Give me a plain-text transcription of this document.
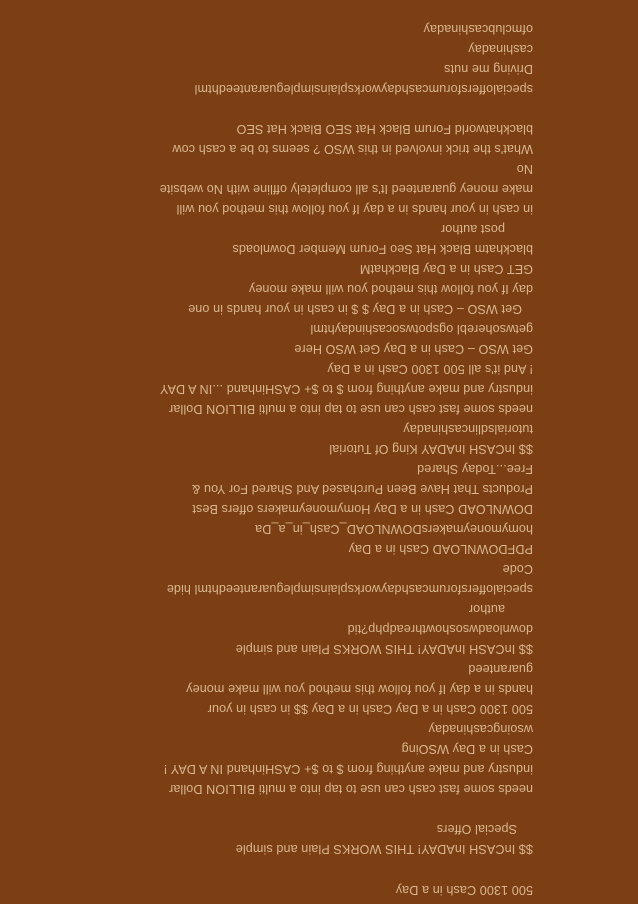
500 1300 Cash in a Day
$$ InCASH InADAY! THIS WORKS Plain and simple
Special Offers
needs some fast cash can use to tap into a multi BILLION Dollar
industry and make anything from $ to $+ CASHinhand IN A DAY !
Cash in a Day WSOing
wsoingcashinaday
500 1300 Cash in a Day Cash in a Day $$ in cash in your
hands in a day If you follow this method you will make money
guaranteed
$$ InCASH InADAY! THIS WORKS Plain and simple
downloadwsoshowthreadphp?tid
author
specialoffersforumcashdayworksplainsimpleguaranteedhtml hide
Code
PDFDOWNLOAD Cash in a Day
homymoneymakersDOWNLOAD_Cash_in_a_Da
DOWNLOAD Cash in a Day Homymoneymakers offers Best
Products That Have Been Purchased And Shared For You &
Free...Today Shared
$$ InCASH InADAY King Of Tutorial
tutorialsdlincashinaday
needs some fast cash can use to tap into a multi BILLION Dollar
industry and make anything from $ to $+ CASHinhand ...IN A DAY
! And it's all 500 1300 Cash in a Day
Get WSO – Cash in a Day Get WSO Here
getwsoherebl ogspotwsocashindayhtml
Get WSO – Cash in a Day $ $ in cash in your hands in one
day If you follow this method you will make money
GET Cash in a Day BlackhatM
blackhatm Black Hat Seo Forum Member Downloads
post author
in cash in your hands in a day If you follow this method you will
make money guaranteed It's all completely offline with No website
No
What's the trick involved in this WSO ? seems to be a cash cow
blackhatworld Forum Black Hat SEO Black Hat SEO
specialoffersforumcashdayworksplainsimpleguaranteedhtml
Driving me nuts
cashinaday
ofmclubcashinaday
